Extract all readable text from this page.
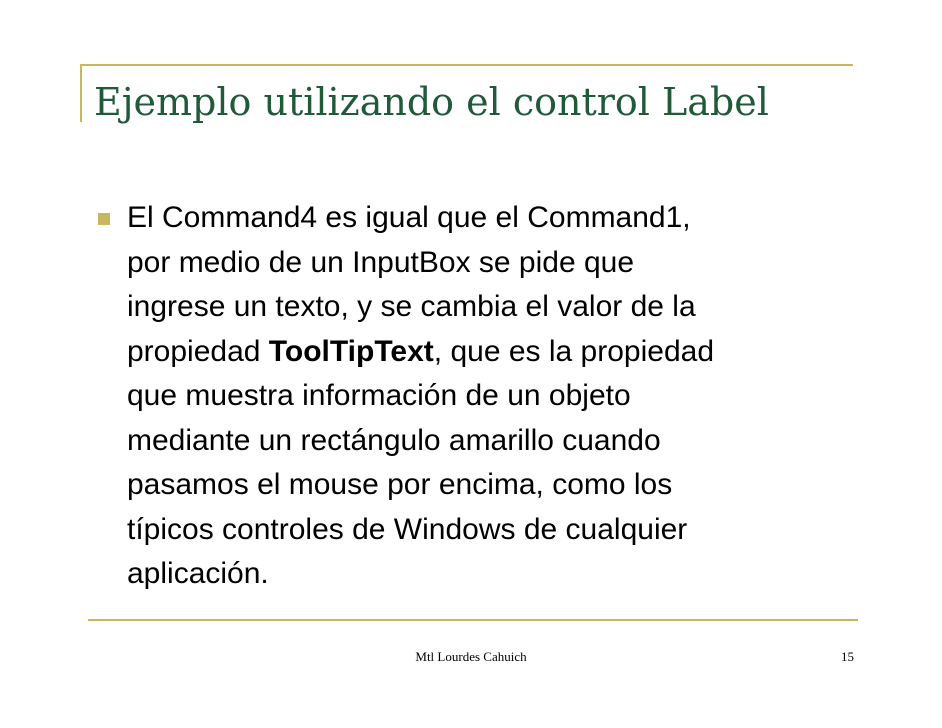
Ejemplo utilizando el control Label

El Command4 es igual que el Command1,
por medio de un InputBox se pide que
ingrese un texto, y se cambia el valor de la
propiedad ToolTipText, que es la propiedad
que muestra información de un objeto
mediante un rectángulo amarillo cuando
pasamos el mouse por encima, como los
típicos controles de Windows de cualquier
aplicación.

Mtl Lourdes Cahuich	15
